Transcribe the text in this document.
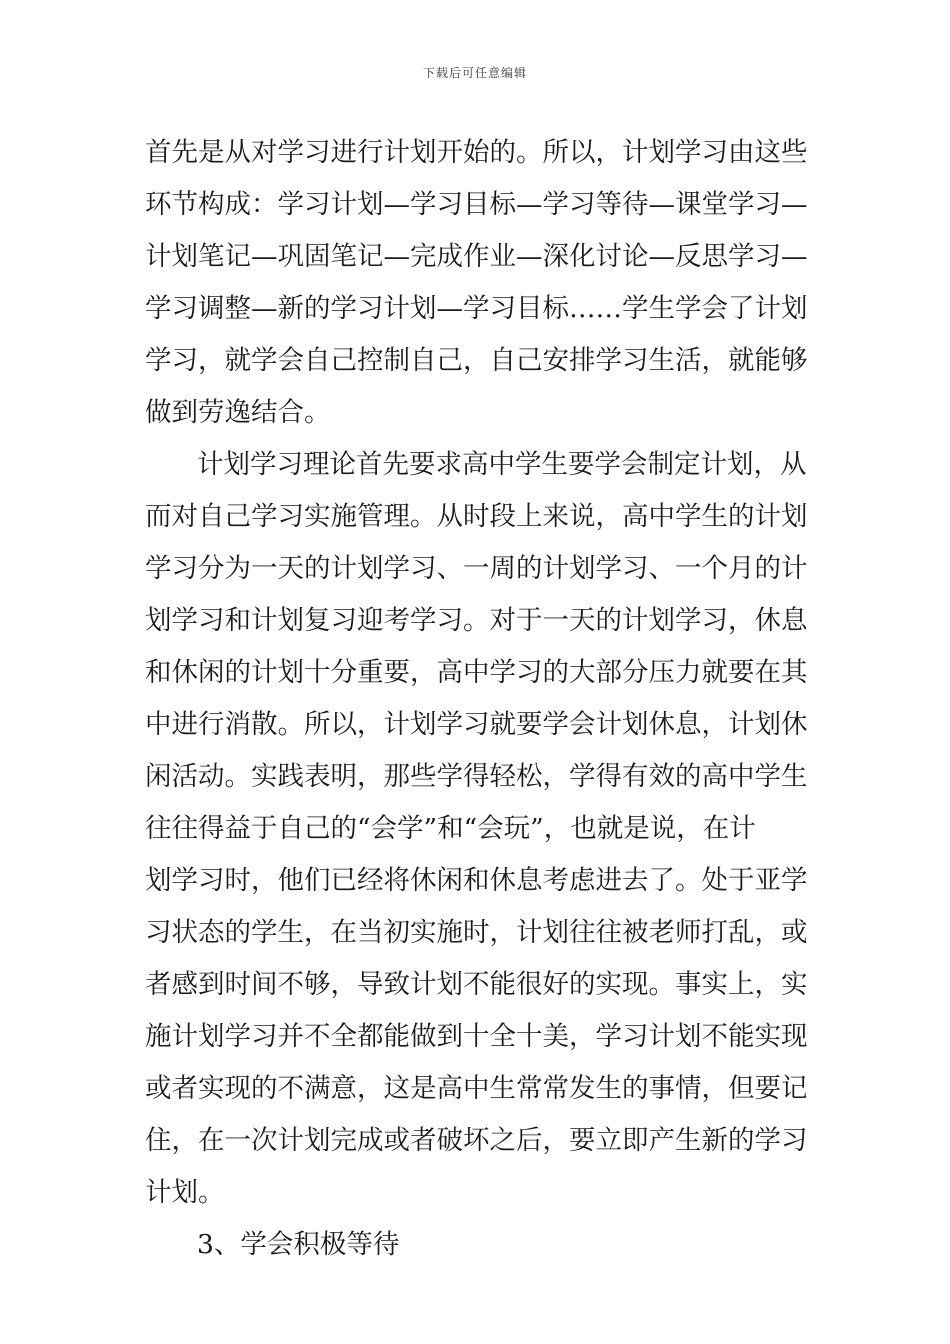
下载后可任意编辑
首先是从对学习进行计划开始的。所以，计划学习由这些
环节构成：学习计划—学习目标—学习等待—课堂学习—
计划笔记—巩固笔记—完成作业—深化讨论—反思学习—
学习调整—新的学习计划—学习目标……学生学会了计划
学习，就学会自己控制自己，自己安排学习生活，就能够
做到劳逸结合。
计划学习理论首先要求高中学生要学会制定计划，从
而对自己学习实施管理。从时段上来说，高中学生的计划
学习分为一天的计划学习、一周的计划学习、一个月的计
划学习和计划复习迎考学习。对于一天的计划学习，休息
和休闲的计划十分重要，高中学习的大部分压力就要在其
中进行消散。所以，计划学习就要学会计划休息，计划休
闲活动。实践表明，那些学得轻松，学得有效的高中学生
往往得益于自己的“会学”和“会玩”，也就是说，在计
划学习时，他们已经将休闲和休息考虑进去了。处于亚学
习状态的学生，在当初实施时，计划往往被老师打乱，或
者感到时间不够，导致计划不能很好的实现。事实上，实
施计划学习并不全都能做到十全十美，学习计划不能实现
或者实现的不满意，这是高中生常常发生的事情，但要记
住，在一次计划完成或者破坏之后，要立即产生新的学习
计划。
3、学会积极等待
